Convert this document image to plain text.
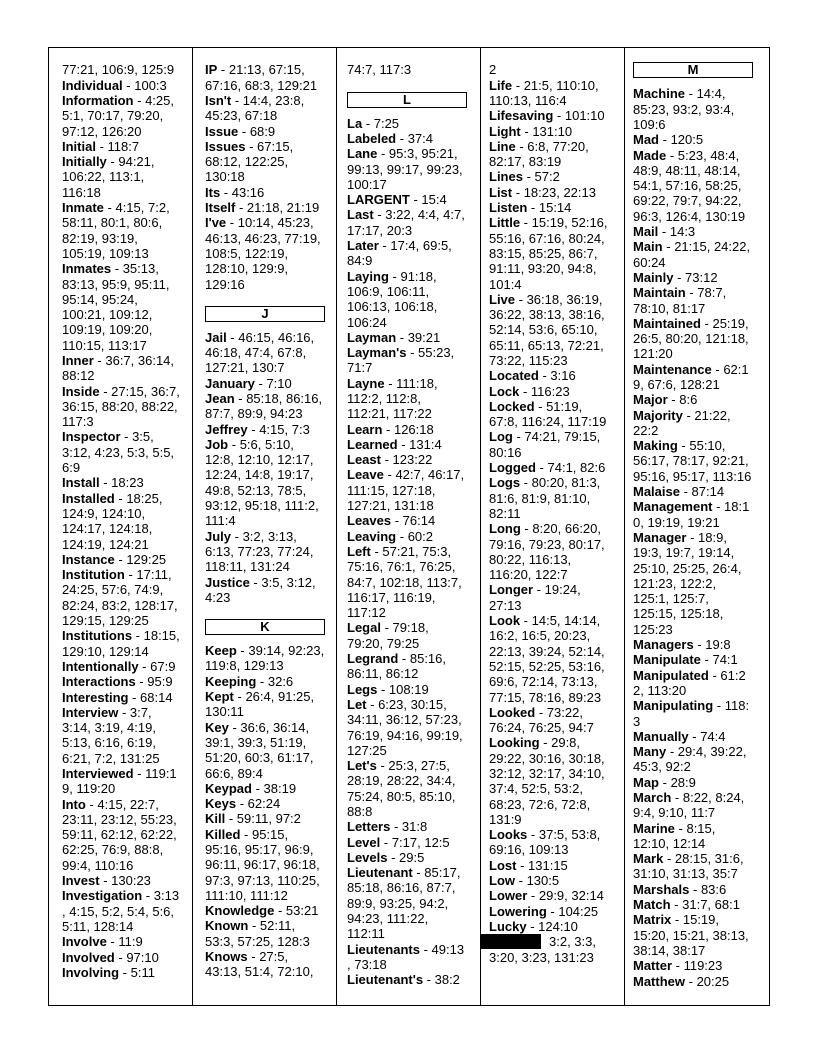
77:21, 106:9, 125:9
Individual - 100:3
Information - 4:25,
5:1, 70:17, 79:20,
97:12, 126:20
Initial - 118:7
Initially - 94:21,
106:22, 113:1,
116:18
Inmate - 4:15, 7:2,
58:11, 80:1, 80:6,
82:19, 93:19,
105:19, 109:13
Inmates - 35:13,
83:13, 95:9, 95:11,
95:14, 95:24,
100:21, 109:12,
109:19, 109:20,
110:15, 113:17
Inner - 36:7, 36:14,
88:12
Inside - 27:15, 36:7,
36:15, 88:20, 88:22,
117:3
Inspector - 3:5,
3:12, 4:23, 5:3, 5:5,
6:9
Install - 18:23
Installed - 18:25,
124:9, 124:10,
124:17, 124:18,
124:19, 124:21
Instance - 129:25
Institution - 17:11,
24:25, 57:6, 74:9,
82:24, 83:2, 128:17,
129:15, 129:25
Institutions - 18:15,
129:10, 129:14
Intentionally - 67:9
Interactions - 95:9
Interesting - 68:14
Interview - 3:7,
3:14, 3:19, 4:19,
5:13, 6:16, 6:19,
6:21, 7:2, 131:25
Interviewed - 119:1
9, 119:20
Into - 4:15, 22:7,
23:11, 23:12, 55:23,
59:11, 62:12, 62:22,
62:25, 76:9, 88:8,
99:4, 110:16
Invest - 130:23
Investigation - 3:13
, 4:15, 5:2, 5:4, 5:6,
5:11, 128:14
Involve - 11:9
Involved - 97:10
Involving - 5:11
IP - 21:13, 67:15,
67:16, 68:3, 129:21
Isn't - 14:4, 23:8,
45:23, 67:18
Issue - 68:9
Issues - 67:15,
68:12, 122:25,
130:18
Its - 43:16
Itself - 21:18, 21:19
I've - 10:14, 45:23,
46:13, 46:23, 77:19,
108:5, 122:19,
128:10, 129:9,
129:16
J
Jail - 46:15, 46:16,
46:18, 47:4, 67:8,
127:21, 130:7
January - 7:10
Jean - 85:18, 86:16,
87:7, 89:9, 94:23
Jeffrey - 4:15, 7:3
Job - 5:6, 5:10,
12:8, 12:10, 12:17,
12:24, 14:8, 19:17,
49:8, 52:13, 78:5,
93:12, 95:18, 111:2,
111:4
July - 3:2, 3:13,
6:13, 77:23, 77:24,
118:11, 131:24
Justice - 3:5, 3:12,
4:23
K
Keep - 39:14, 92:23,
119:8, 129:13
Keeping - 32:6
Kept - 26:4, 91:25,
130:11
Key - 36:6, 36:14,
39:1, 39:3, 51:19,
51:20, 60:3, 61:17,
66:6, 89:4
Keypad - 38:19
Keys - 62:24
Kill - 59:11, 97:2
Killed - 95:15,
95:16, 95:17, 96:9,
96:11, 96:17, 96:18,
97:3, 97:13, 110:25,
111:10, 111:12
Knowledge - 53:21
Known - 52:11,
53:3, 57:25, 128:3
Knows - 27:5,
43:13, 51:4, 72:10,
74:7, 117:3
L
La - 7:25
Labeled - 37:4
Lane - 95:3, 95:21,
99:13, 99:17, 99:23,
100:17
LARGENT - 15:4
Last - 3:22, 4:4, 4:7,
17:17, 20:3
Later - 17:4, 69:5,
84:9
Laying - 91:18,
106:9, 106:11,
106:13, 106:18,
106:24
Layman - 39:21
Layman's - 55:23,
71:7
Layne - 111:18,
112:2, 112:8,
112:21, 117:22
Learn - 126:18
Learned - 131:4
Least - 123:22
Leave - 42:7, 46:17,
111:15, 127:18,
127:21, 131:18
Leaves - 76:14
Leaving - 60:2
Left - 57:21, 75:3,
75:16, 76:1, 76:25,
84:7, 102:18, 113:7,
116:17, 116:19,
117:12
Legal - 79:18,
79:20, 79:25
Legrand - 85:16,
86:11, 86:12
Legs - 108:19
Let - 6:23, 30:15,
34:11, 36:12, 57:23,
76:19, 94:16, 99:19,
127:25
Let's - 25:3, 27:5,
28:19, 28:22, 34:4,
75:24, 80:5, 85:10,
88:8
Letters - 31:8
Level - 7:17, 12:5
Levels - 29:5
Lieutenant - 85:17,
85:18, 86:16, 87:7,
89:9, 93:25, 94:2,
94:23, 111:22,
112:11
Lieutenants - 49:13
, 73:18
Lieutenant's - 38:2
2
Life - 21:5, 110:10,
110:13, 116:4
Lifesaving - 101:10
Light - 131:10
Line - 6:8, 77:20,
82:17, 83:19
Lines - 57:2
List - 18:23, 22:13
Listen - 15:14
Little - 15:19, 52:16,
55:16, 67:16, 80:24,
83:15, 85:25, 86:7,
91:11, 93:20, 94:8,
101:4
Live - 36:18, 36:19,
36:22, 38:13, 38:16,
52:14, 53:6, 65:10,
65:11, 65:13, 72:21,
73:22, 115:23
Located - 3:16
Lock - 116:23
Locked - 51:19,
67:8, 116:24, 117:19
Log - 74:21, 79:15,
80:16
Logged - 74:1, 82:6
Logs - 80:20, 81:3,
81:6, 81:9, 81:10,
82:11
Long - 8:20, 66:20,
79:16, 79:23, 80:17,
80:22, 116:13,
116:20, 122:7
Longer - 19:24,
27:13
Look - 14:5, 14:14,
16:2, 16:5, 20:23,
22:13, 39:24, 52:14,
52:15, 52:25, 53:16,
69:6, 72:14, 73:13,
77:15, 78:16, 89:23
Looked - 73:22,
76:24, 76:25, 94:7
Looking - 29:8,
29:22, 30:16, 30:18,
32:12, 32:17, 34:10,
37:4, 52:5, 53:2,
68:23, 72:6, 72:8,
131:9
Looks - 37:5, 53:8,
69:16, 109:13
Lost - 131:15
Low - 130:5
Lower - 29:9, 32:14
Lowering - 104:25
Lucky - 124:10
3:2, 3:3,
3:20, 3:23, 131:23
M
Machine - 14:4,
85:23, 93:2, 93:4,
109:6
Mad - 120:5
Made - 5:23, 48:4,
48:9, 48:11, 48:14,
54:1, 57:16, 58:25,
69:22, 79:7, 94:22,
96:3, 126:4, 130:19
Mail - 14:3
Main - 21:15, 24:22,
60:24
Mainly - 73:12
Maintain - 78:7,
78:10, 81:17
Maintained - 25:19,
26:5, 80:20, 121:18,
121:20
Maintenance - 62:1
9, 67:6, 128:21
Major - 8:6
Majority - 21:22,
22:2
Making - 55:10,
56:17, 78:17, 92:21,
95:16, 95:17, 113:16
Malaise - 87:14
Management - 18:1
0, 19:19, 19:21
Manager - 18:9,
19:3, 19:7, 19:14,
25:10, 25:25, 26:4,
121:23, 122:2,
125:1, 125:7,
125:15, 125:18,
125:23
Managers - 19:8
Manipulate - 74:1
Manipulated - 61:2
2, 113:20
Manipulating - 118:
3
Manually - 74:4
Many - 29:4, 39:22,
45:3, 92:2
Map - 28:9
March - 8:22, 8:24,
9:4, 9:10, 11:7
Marine - 8:15,
12:10, 12:14
Mark - 28:15, 31:6,
31:10, 31:13, 35:7
Marshals - 83:6
Match - 31:7, 68:1
Matrix - 15:19,
15:20, 15:21, 38:13,
38:14, 38:17
Matter - 119:23
Matthew - 20:25
